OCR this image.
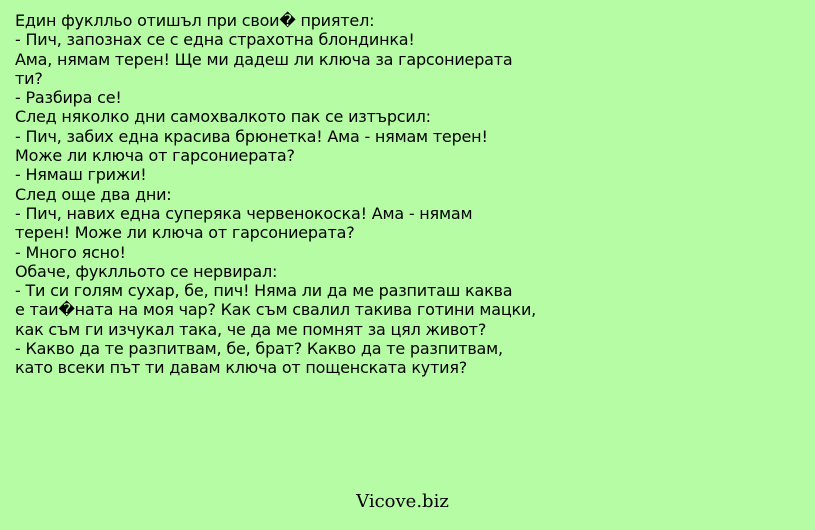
Един фуклльо отишъл при свои� приятел:
- Пич, запознах се с една страхотна блондинка!
Ама, нямам терен! Ще ми дадеш ли ключа за гарсониерата
ти?
- Разбира се!
След няколко дни самохвалкото пак се изтърсил:
- Пич, забих една красива брюнетка! Ама - нямам терен!
Може ли ключа от гарсониерата?
- Нямаш грижи!
След още два дни:
- Пич, навих една суперяка червенокоска! Ама - нямам
терен! Може ли ключа от гарсониерата?
- Много ясно!
Обаче, фуклльото се нервирал:
- Ти си голям сухар, бе, пич! Няма ли да ме разпиташ каква
е таи�ната на моя чар? Как съм свалил такива готини мацки,
как съм ги изчукал така, че да ме помнят за цял живот?
- Какво да те разпитвам, бе, брат? Какво да те разпитвам,
като всеки път ти давам ключа от пощенската кутия?
Vicove.biz
